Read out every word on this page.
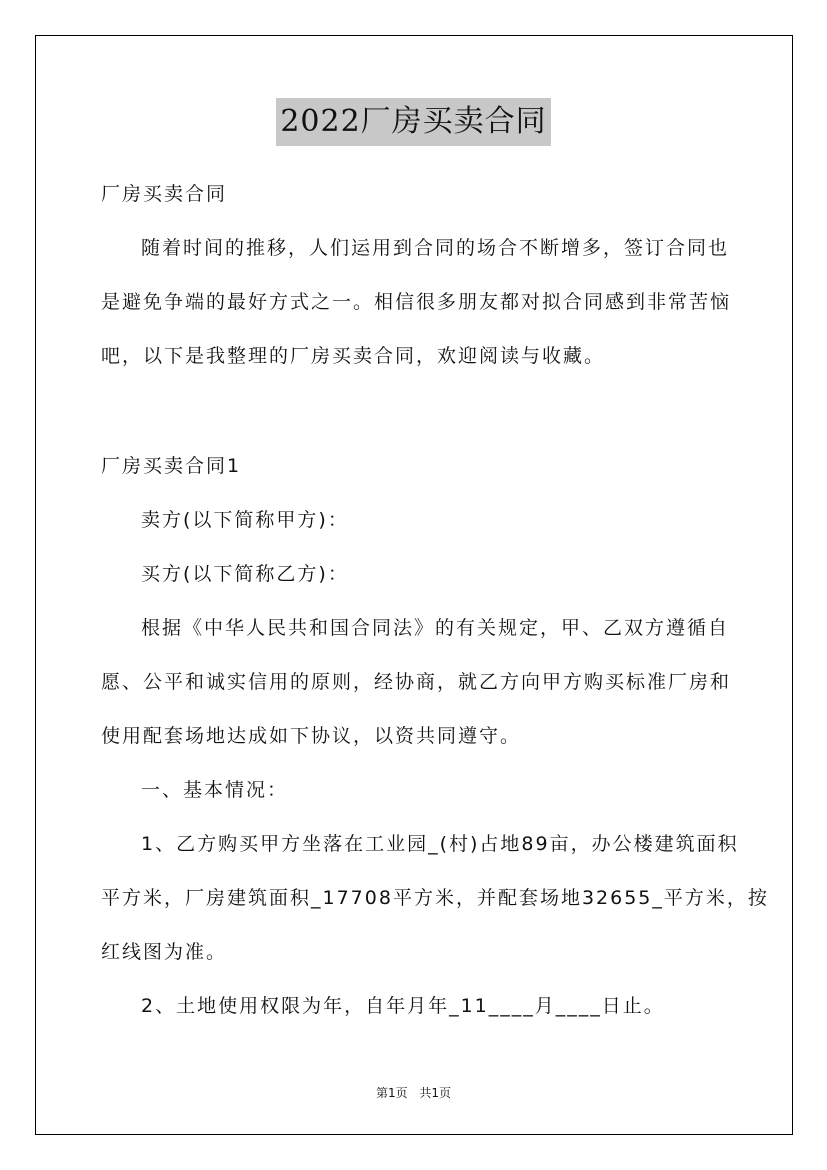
2022厂房买卖合同
厂房买卖合同
随着时间的推移，人们运用到合同的场合不断增多，签订合同也
是避免争端的最好方式之一。相信很多朋友都对拟合同感到非常苦恼
吧，以下是我整理的厂房买卖合同，欢迎阅读与收藏。
厂房买卖合同1
卖方(以下简称甲方)：
买方(以下简称乙方)：
根据《中华人民共和国合同法》的有关规定，甲、乙双方遵循自
愿、公平和诚实信用的原则，经协商，就乙方向甲方购买标准厂房和
使用配套场地达成如下协议，以资共同遵守。
一、基本情况：
1、乙方购买甲方坐落在工业园_(村)占地89亩，办公楼建筑面积
平方米，厂房建筑面积_17708平方米，并配套场地32655_平方米，按
红线图为准。
2、土地使用权限为年，自年月年_11____月____日止。
第1页 共1页
